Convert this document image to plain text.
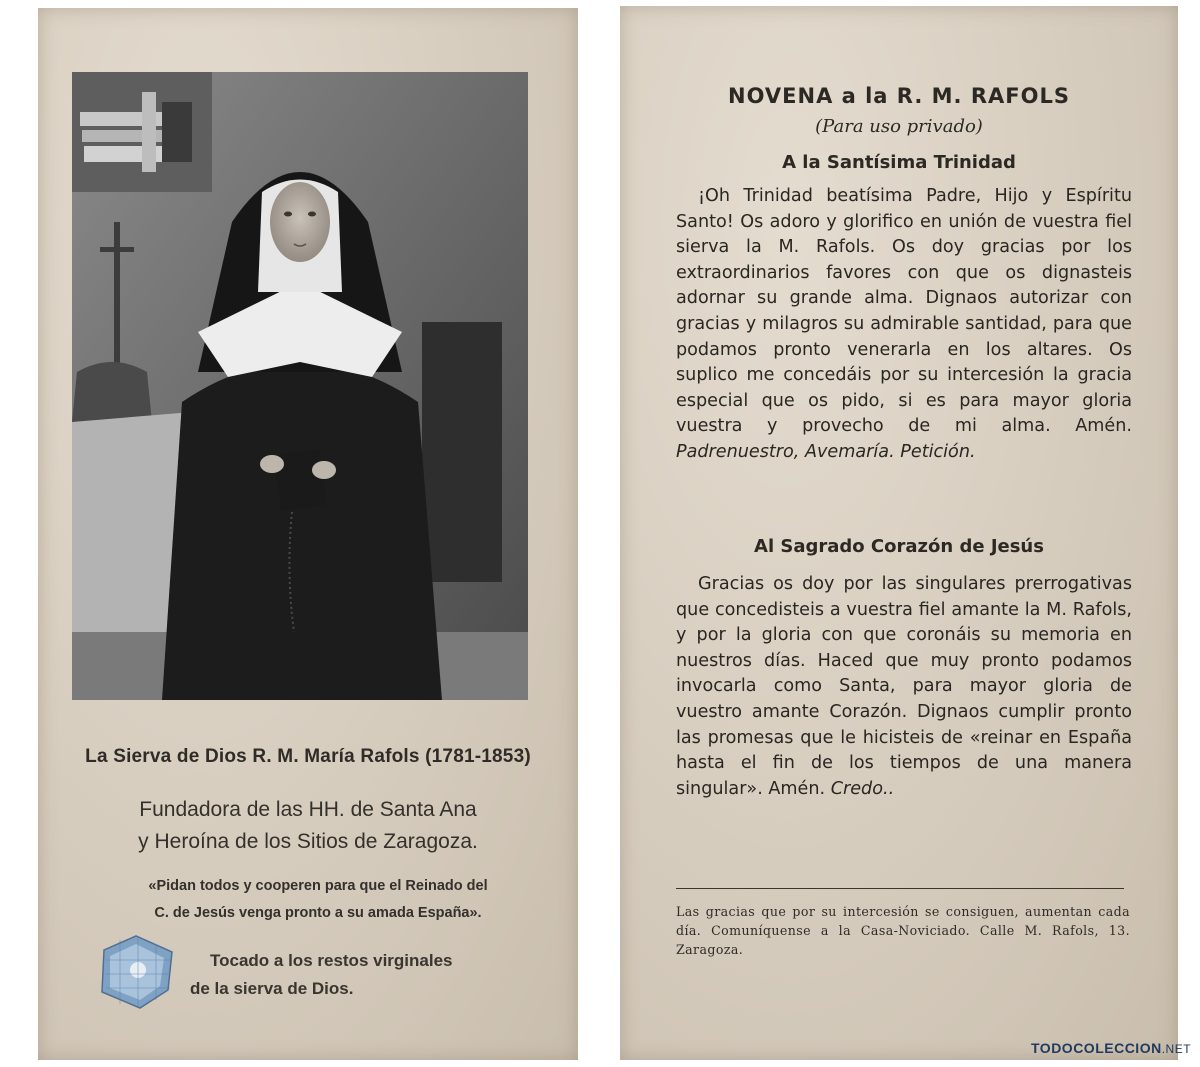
La Sierva de Dios R. M. María Rafols (1781-1853)
Fundadora de las HH. de Santa Ana
y Heroína de los Sitios de Zaragoza.
«Pidan todos y cooperen para que el Reinado del
C. de Jesús venga pronto a su amada España».
Tocado a los restos virginales
de la sierva de Dios.
NOVENA a la R. M. RAFOLS
(Para uso privado)
A la Santísima Trinidad
¡Oh Trinidad beatísima Padre, Hijo y Espíritu Santo! Os adoro y glorifico en unión de vuestra fiel sierva la M. Rafols. Os doy gracias por los extraordinarios favores con que os dignasteis adornar su grande alma. Dignaos autorizar con gracias y milagros su admirable santidad, para que podamos pronto venerarla en los altares. Os suplico me concedáis por su intercesión la gracia especial que os pido, si es para mayor gloria vuestra y provecho de mi alma. Amén. Padrenuestro, Avemaría. Petición.
Al Sagrado Corazón de Jesús
Gracias os doy por las singulares prerrogativas que concedisteis a vuestra fiel amante la M. Rafols, y por la gloria con que coronáis su memoria en nuestros días. Haced que muy pronto podamos invocarla como Santa, para mayor gloria de vuestro amante Corazón. Dignaos cumplir pronto las promesas que le hicisteis de «reinar en España hasta el fin de los tiempos de una manera singular». Amén. Credo..
Las gracias que por su intercesión se consiguen, aumentan cada día. Comuníquense a la Casa-Noviciado. Calle M. Rafols, 13. Zaragoza.
TODOCOLECCION.NET
